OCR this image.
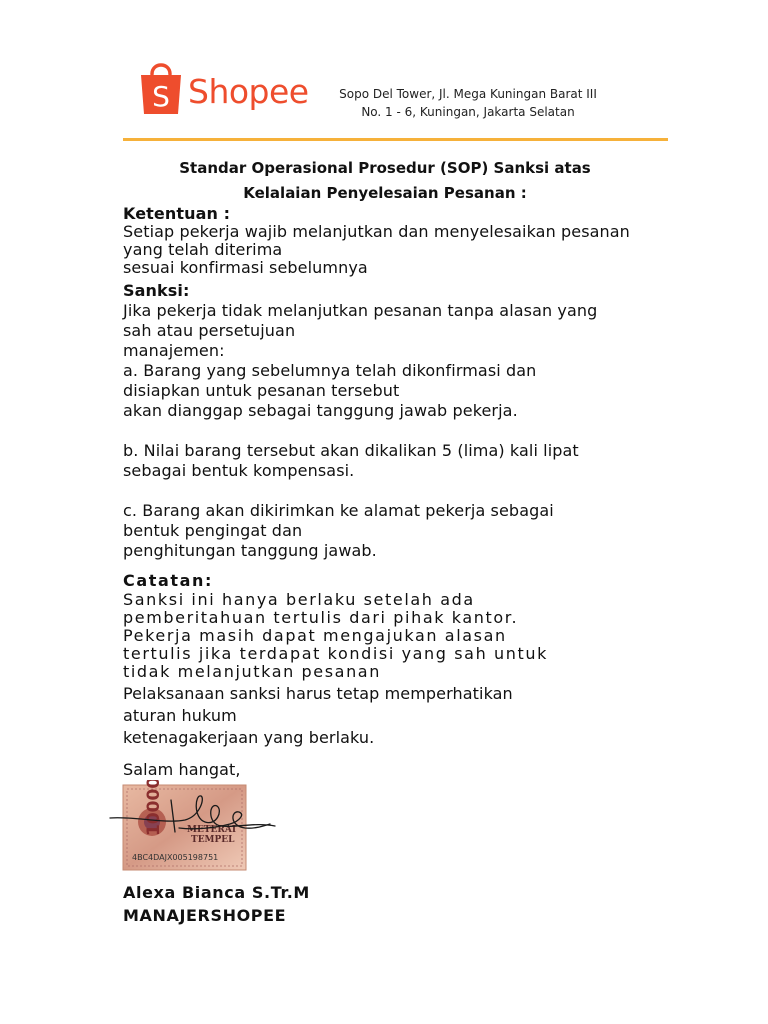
S Shopee	Sopo Del Tower, Jl. Mega Kuningan Barat III
No. 1 - 6, Kuningan, Jakarta Selatan
Standar Operasional Prosedur (SOP) Sanksi atas
Kelalaian Penyelesaian Pesanan :
Ketentuan :
Setiap pekerja wajib melanjutkan dan menyelesaikan pesanan
yang telah diterima
sesuai konfirmasi sebelumnya
Sanksi:
Jika pekerja tidak melanjutkan pesanan tanpa alasan yang
sah atau persetujuan
manajemen:
a. Barang yang sebelumnya telah dikonfirmasi dan
disiapkan untuk pesanan tersebut
akan dianggap sebagai tanggung jawab pekerja.
b. Nilai barang tersebut akan dikalikan 5 (lima) kali lipat
sebagai bentuk kompensasi.
c. Barang akan dikirimkan ke alamat pekerja sebagai
bentuk pengingat dan
penghitungan tanggung jawab.
Catatan:
Sanksi ini hanya berlaku setelah ada
pemberitahuan tertulis dari pihak kantor.
Pekerja masih dapat mengajukan alasan
tertulis jika terdapat kondisi yang sah untuk
tidak melanjutkan pesanan
Pelaksanaan sanksi harus tetap memperhatikan
aturan hukum
ketenagakerjaan yang berlaku.
Salam hangat,
10000	METERAI
TEMPEL
4BC4DAJX005198751
Alexa Bianca S.Tr.M
MANAJERSHOPEE
